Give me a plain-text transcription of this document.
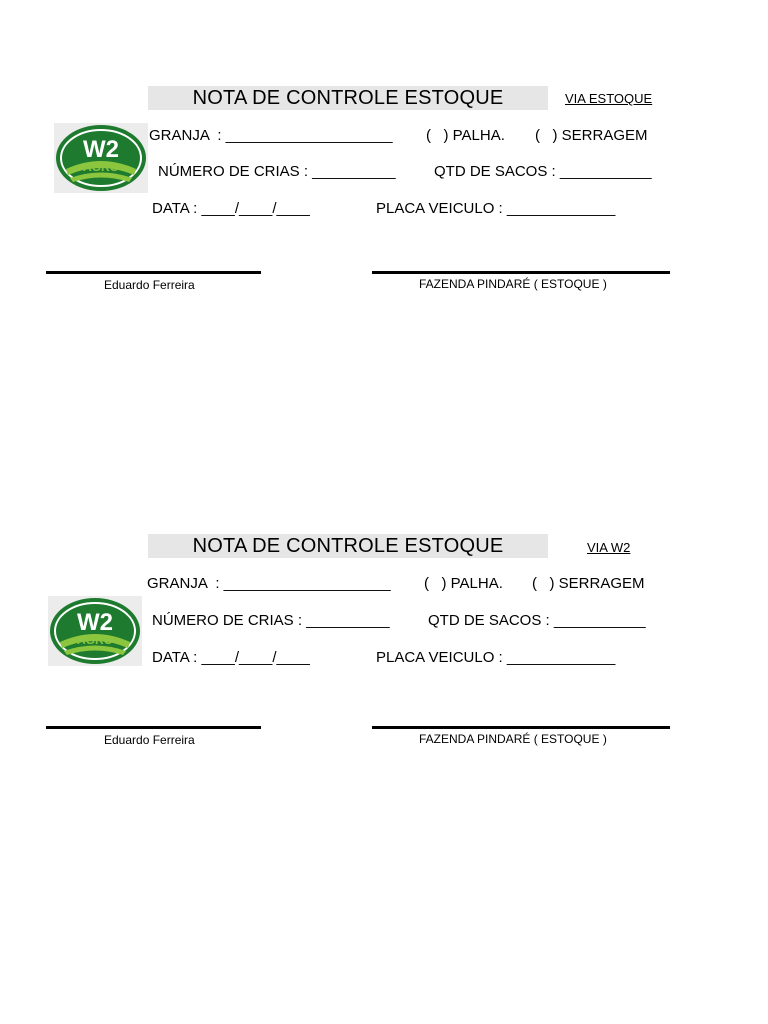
NOTA DE CONTROLE ESTOQUE	VIA ESTOQUE
W2
AGRO
GRANJA  : ____________________ (   ) PALHA. (   ) SERRAGEM
NÚMERO DE CRIAS : __________	QTD DE SACOS : ___________
DATA : ____/____/____	PLACA VEICULO : _____________
Eduardo Ferreira	FAZENDA PINDARÉ ( ESTOQUE )
NOTA DE CONTROLE ESTOQUE	VIA W2
W2
AGRO
GRANJA  : ____________________ (   ) PALHA. (   ) SERRAGEM
NÚMERO DE CRIAS : __________	QTD DE SACOS : ___________
DATA : ____/____/____	PLACA VEICULO : _____________
Eduardo Ferreira	FAZENDA PINDARÉ ( ESTOQUE )
